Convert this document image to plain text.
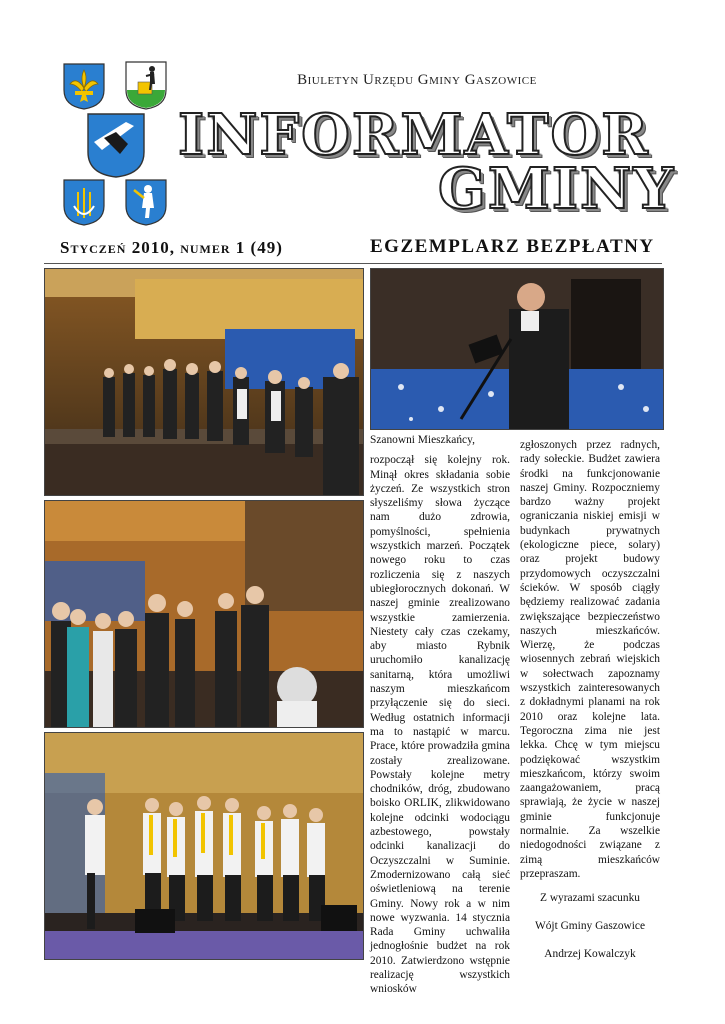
Biuletyn Urzędu Gminy Gaszowice
INFORMATOR
GMINY
Styczeń 2010, numer 1 (49)	EGZEMPLARZ BEZPŁATNY

Szanowni Mieszkańcy,

rozpoczął się kolejny rok. Minął okres składania sobie życzeń. Ze wszystkich stron słyszeliśmy słowa życzące nam dużo zdrowia, pomyślności, spełnienia wszystkich marzeń. Początek nowego roku to czas rozliczenia się z naszych ubiegłorocznych dokonań. W naszej gminie zrealizowano wszystkie zamierzenia. Niestety cały czas czekamy, aby miasto Rybnik uruchomiło kanalizację sanitarną, która umożliwi naszym mieszkańcom przyłączenie się do sieci. Według ostatnich informacji ma to nastąpić w marcu. Prace, które prowadziła gmina zostały zrealizowane. Powstały kolejne metry chodników, dróg, zbudowano boisko ORLIK, zlikwidowano kolejne odcinki wodociągu azbestowego, powstały odcinki kanalizacji do Oczyszczalni w Suminie. Zmodernizowano całą sieć oświetleniową na terenie Gminy. Nowy rok a w nim nowe wyzwania. 14 stycznia Rada Gminy uchwaliła jednogłośnie budżet na rok 2010. Zatwierdzono wstępnie realizację wszystkich wniosków

zgłoszonych przez radnych, rady sołeckie. Budżet zawiera środki na funkcjonowanie naszej Gminy. Rozpoczniemy bardzo ważny projekt ograniczania niskiej emisji w budynkach prywatnych (ekologiczne piece, solary) oraz projekt budowy przydomowych oczyszczalni ścieków. W sposób ciągły będziemy realizować zadania zwiększające bezpieczeństwo naszych mieszkańców. Wierzę, że podczas wiosennych zebrań wiejskich w sołectwach zapoznamy wszystkich zainteresowanych z dokładnymi planami na rok 2010 oraz kolejne lata. Tegoroczna zima nie jest lekka. Chcę w tym miejscu podziękować wszystkim mieszkańcom, którzy swoim zaangażowaniem, pracą sprawiają, że życie w naszej gminie funkcjonuje normalnie. Za wszelkie niedogodności związane z zimą mieszkańców przepraszam.

Z wyrazami szacunku

Wójt Gminy Gaszowice

Andrzej Kowalczyk
